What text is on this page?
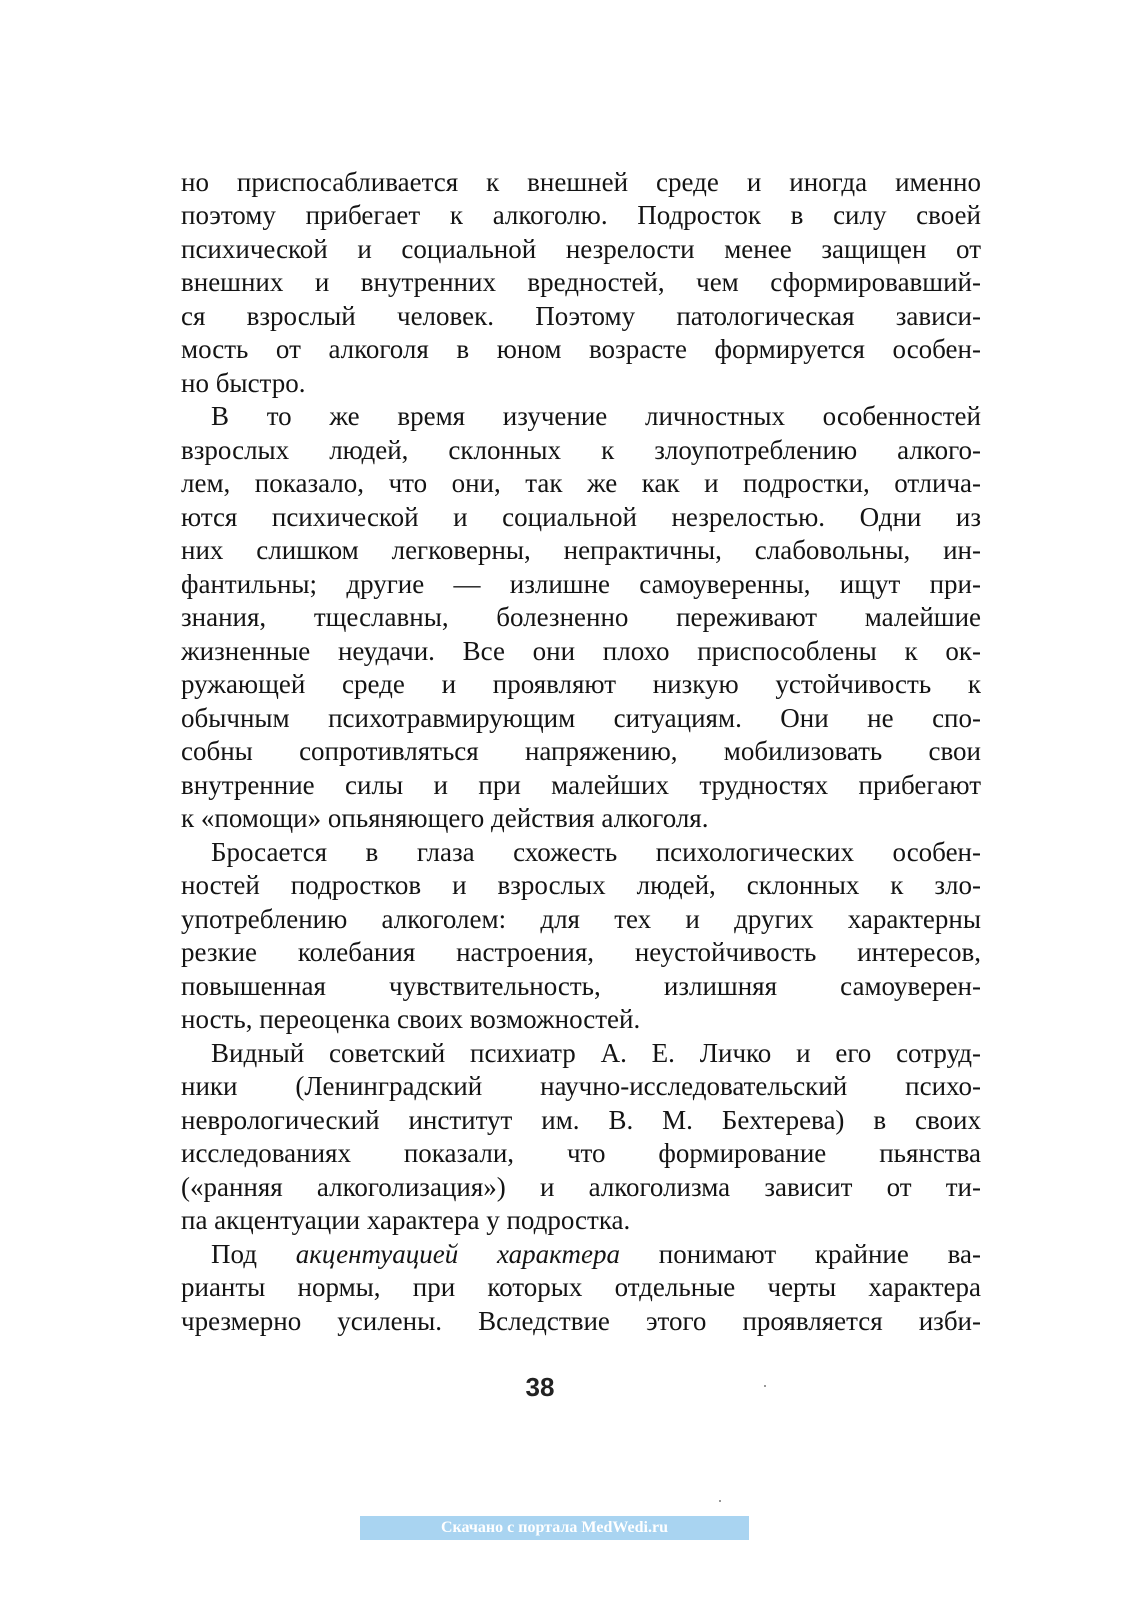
но приспосабливается к внешней среде и иногда именно
поэтому прибегает к алкоголю. Подросток в силу своей
психической и социальной незрелости менее защищен от
внешних и внутренних вредностей, чем сформировавший-
ся взрослый человек. Поэтому патологическая зависи-
мость от алкоголя в юном возрасте формируется особен-
но быстро.
В то же время изучение личностных особенностей
взрослых людей, склонных к злоупотреблению алкого-
лем, показало, что они, так же как и подростки, отлича-
ются психической и социальной незрелостью. Одни из
них слишком легковерны, непрактичны, слабовольны, ин-
фантильны; другие — излишне самоуверенны, ищут при-
знания, тщеславны, болезненно переживают малейшие
жизненные неудачи. Все они плохо приспособлены к ок-
ружающей среде и проявляют низкую устойчивость к
обычным психотравмирующим ситуациям. Они не спо-
собны сопротивляться напряжению, мобилизовать свои
внутренние силы и при малейших трудностях прибегают
к «помощи» опьяняющего действия алкоголя.
Бросается в глаза схожесть психологических особен-
ностей подростков и взрослых людей, склонных к зло-
употреблению алкоголем: для тех и других характерны
резкие колебания настроения, неустойчивость интересов,
повышенная чувствительность, излишняя самоуверен-
ность, переоценка своих возможностей.
Видный советский психиатр А. Е. Личко и его сотруд-
ники (Ленинградский научно-исследовательский психо-
неврологический институт им. В. М. Бехтерева) в своих
исследованиях показали, что формирование пьянства
(«ранняя алкоголизация») и алкоголизма зависит от ти-
па акцентуации характера у подростка.
Под акцентуацией характера понимают крайние ва-
рианты нормы, при которых отдельные черты характера
чрезмерно усилены. Вследствие этого проявляется изби-
38
Скачано с портала MedWedi.ru
